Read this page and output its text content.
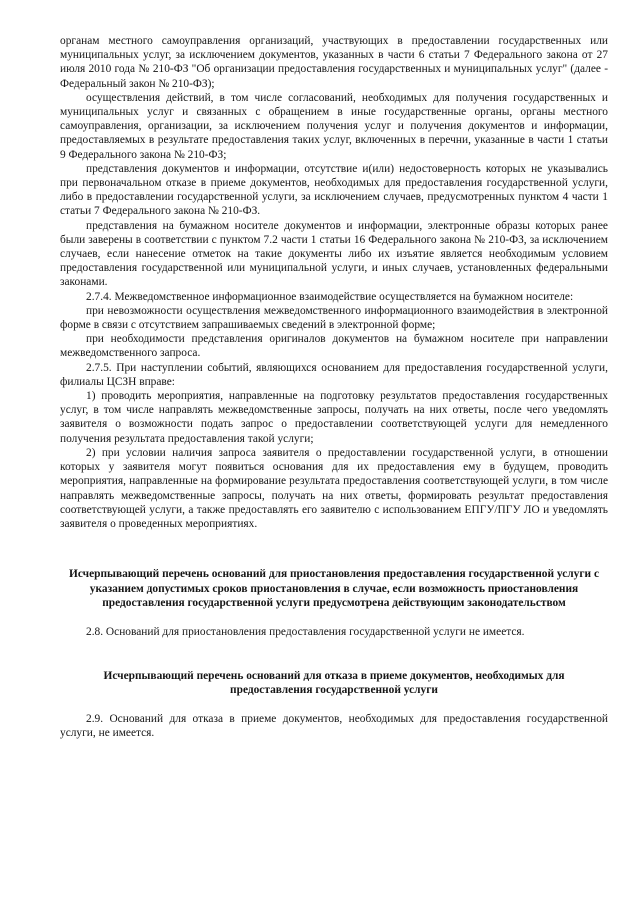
органам местного самоуправления организаций, участвующих в предоставлении государственных или муниципальных услуг, за исключением документов, указанных в части 6 статьи 7 Федерального закона от 27 июля 2010 года № 210-ФЗ "Об организации предоставления государственных и муниципальных услуг" (далее - Федеральный закон № 210-ФЗ);

осуществления действий, в том числе согласований, необходимых для получения государственных и муниципальных услуг и связанных с обращением в иные государственные органы, органы местного самоуправления, организации, за исключением получения услуг и получения документов и информации, предоставляемых в результате предоставления таких услуг, включенных в перечни, указанные в части 1 статьи 9 Федерального закона № 210-ФЗ;

представления документов и информации, отсутствие и(или) недостоверность которых не указывались при первоначальном отказе в приеме документов, необходимых для предоставления государственной услуги, либо в предоставлении государственной услуги, за исключением случаев, предусмотренных пунктом 4 части 1 статьи 7 Федерального закона № 210-ФЗ.

представления на бумажном носителе документов и информации, электронные образы которых ранее были заверены в соответствии с пунктом 7.2 части 1 статьи 16 Федерального закона № 210-ФЗ, за исключением случаев, если нанесение отметок на такие документы либо их изъятие является необходимым условием предоставления государственной или муниципальной услуги, и иных случаев, установленных федеральными законами.

2.7.4. Межведомственное информационное взаимодействие осуществляется на бумажном носителе:

при невозможности осуществления межведомственного информационного взаимодействия в электронной форме в связи с отсутствием запрашиваемых сведений в электронной форме;

при необходимости представления оригиналов документов на бумажном носителе при направлении межведомственного запроса.

2.7.5. При наступлении событий, являющихся основанием для предоставления государственной услуги, филиалы ЦСЗН вправе:

1) проводить мероприятия, направленные на подготовку результатов предоставления государственных услуг, в том числе направлять межведомственные запросы, получать на них ответы, после чего уведомлять заявителя о возможности подать запрос о предоставлении соответствующей услуги для немедленного получения результата предоставления такой услуги;

2) при условии наличия запроса заявителя о предоставлении государственной услуги, в отношении которых у заявителя могут появиться основания для их предоставления ему в будущем, проводить мероприятия, направленные на формирование результата предоставления соответствующей услуги, в том числе направлять межведомственные запросы, получать на них ответы, формировать результат предоставления соответствующей услуги, а также предоставлять его заявителю с использованием ЕПГУ/ПГУ ЛО и уведомлять заявителя о проведенных мероприятиях.

Исчерпывающий перечень оснований для приостановления предоставления государственной услуги с указанием допустимых сроков приостановления в случае, если возможность приостановления предоставления государственной услуги предусмотрена действующим законодательством

2.8. Оснований для приостановления предоставления государственной услуги не имеется.

Исчерпывающий перечень оснований для отказа в приеме документов, необходимых для предоставления государственной услуги

2.9. Оснований для отказа в приеме документов, необходимых для предоставления государственной услуги, не имеется.
